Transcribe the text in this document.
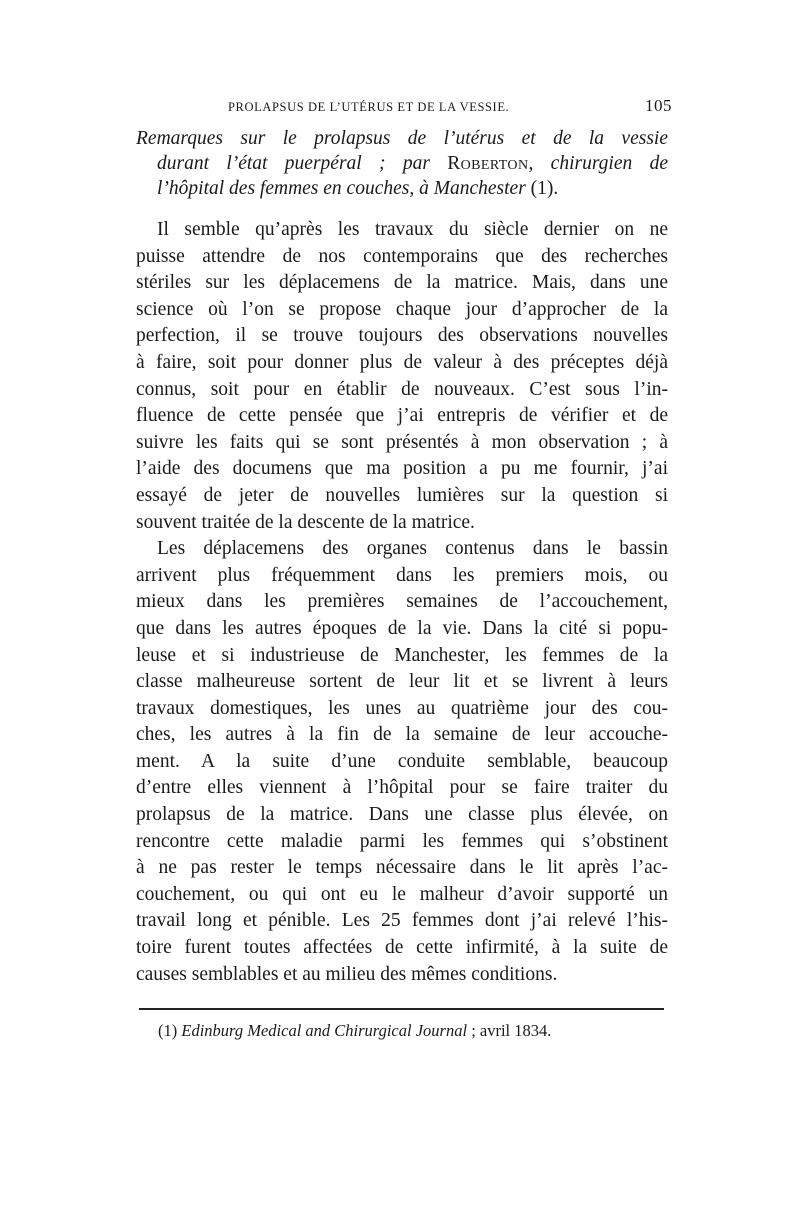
PROLAPSUS DE L’UTÉRUS ET DE LA VESSIE.	105
Remarques sur le prolapsus de l’utérus et de la vessie
durant l’état puerpéral ; par Roberton, chirurgien de
l’hôpital des femmes en couches, à Manchester (1).

Il semble qu’après les travaux du siècle dernier on ne
puisse attendre de nos contemporains que des recherches
stériles sur les déplacemens de la matrice. Mais, dans une
science où l’on se propose chaque jour d’approcher de la
perfection, il se trouve toujours des observations nouvelles
à faire, soit pour donner plus de valeur à des préceptes déjà
connus, soit pour en établir de nouveaux. C’est sous l’in-
fluence de cette pensée que j’ai entrepris de vérifier et de
suivre les faits qui se sont présentés à mon observation ; à
l’aide des documens que ma position a pu me fournir, j’ai
essayé de jeter de nouvelles lumières sur la question si
souvent traitée de la descente de la matrice.

Les déplacemens des organes contenus dans le bassin
arrivent plus fréquemment dans les premiers mois, ou
mieux dans les premières semaines de l’accouchement,
que dans les autres époques de la vie. Dans la cité si popu-
leuse et si industrieuse de Manchester, les femmes de la
classe malheureuse sortent de leur lit et se livrent à leurs
travaux domestiques, les unes au quatrième jour des cou-
ches, les autres à la fin de la semaine de leur accouche-
ment. A la suite d’une conduite semblable, beaucoup
d’entre elles viennent à l’hôpital pour se faire traiter du
prolapsus de la matrice. Dans une classe plus élevée, on
rencontre cette maladie parmi les femmes qui s’obstinent
à ne pas rester le temps nécessaire dans le lit après l’ac-
couchement, ou qui ont eu le malheur d’avoir supporté un
travail long et pénible. Les 25 femmes dont j’ai relevé l’his-
toire furent toutes affectées de cette infirmité, à la suite de
causes semblables et au milieu des mêmes conditions.

(1) Edinburg Medical and Chirurgical Journal ; avril 1834.
